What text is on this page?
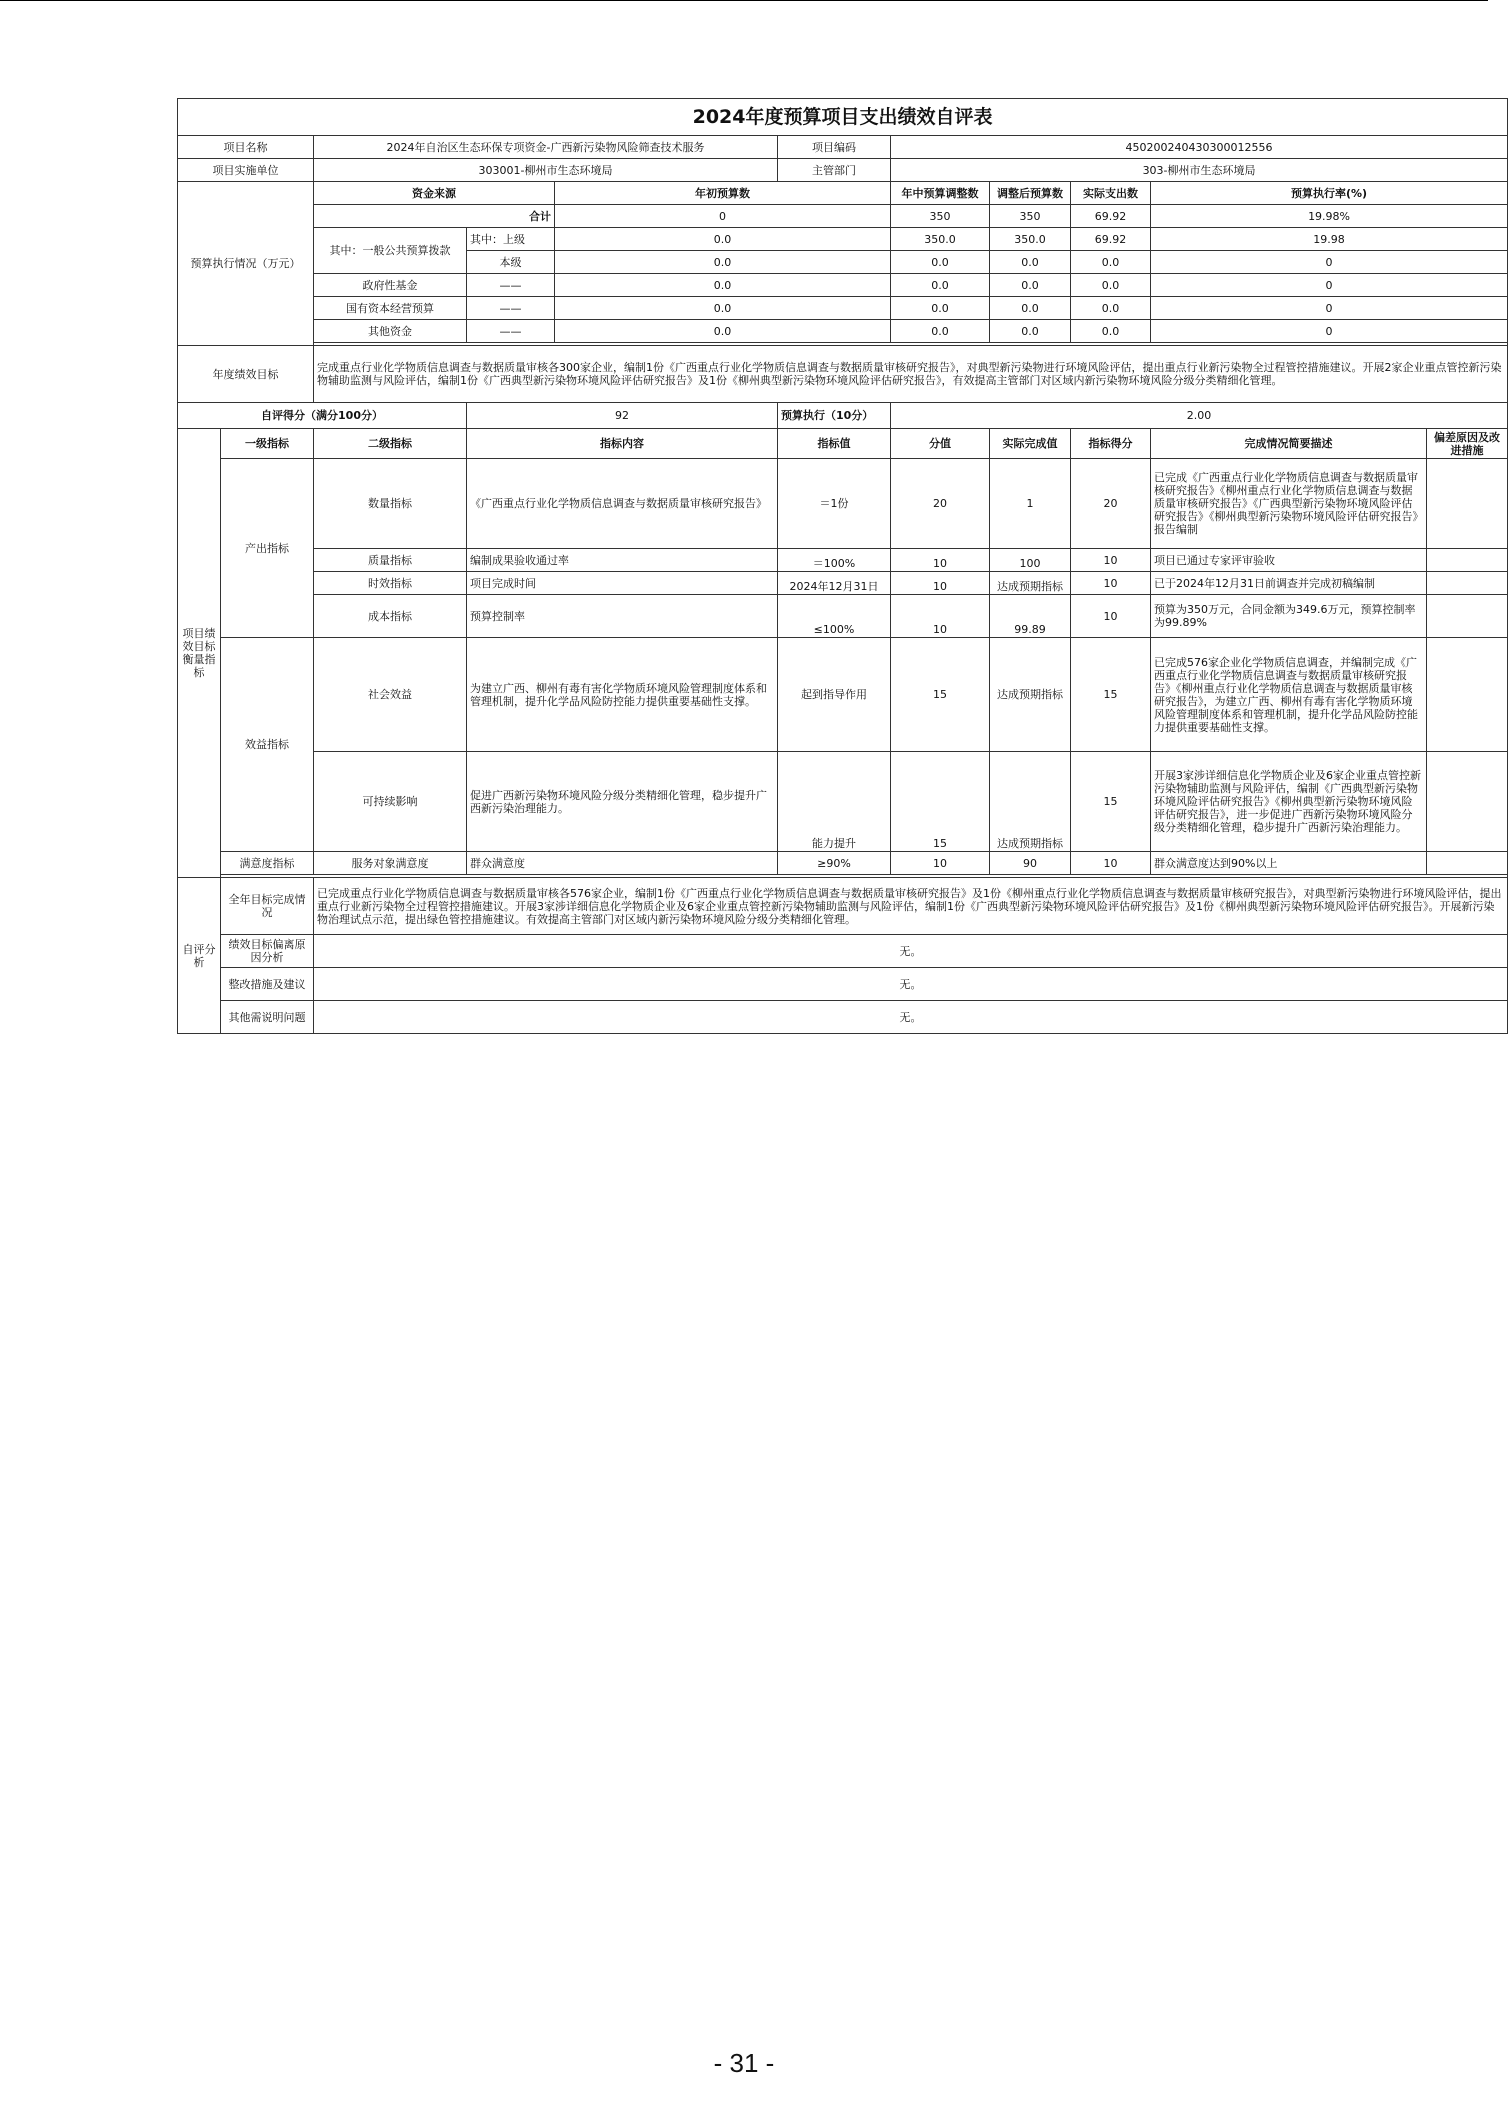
2024年度预算项目支出绩效自评表										
项目名称		2024年自治区生态环保专项资金-广西新污染物风险筛查技术服务			项目编码	450200240430300012556				
项目实施单位		303001-柳州市生态环境局			主管部门	303-柳州市生态环境局				
预算执行情况（万元）		资金来源		年初预算数		年中预算调整数	调整后预算数	实际支出数	预算执行率(%)	
		合计		0		350	350	69.92	19.98%	
		其中：一般公共预算拨款	其中：上级	0.0		350.0	350.0	69.92	19.98	
			本级	0.0		0.0	0.0	0.0	0	
		政府性基金	——	0.0		0.0	0.0	0.0	0	
		国有资本经营预算	——	0.0		0.0	0.0	0.0	0	
		其他资金	——	0.0		0.0	0.0	0.0	0	

年度绩效目标		完成重点行业化学物质信息调查与数据质量审核各300家企业，编制1份《广西重点行业化学物质信息调查与数据质量审核研究报告》，对典型新污染物进行环境风险评估，提出重点行业新污染物全过程管控措施建议。开展2家企业重点管控新污染物辅助监测与风险评估，编制1份《广西典型新污染物环境风险评估研究报告》及1份《柳州典型新污染物环境风险评估研究报告》，有效提高主管部门对区域内新污染物环境风险分级分类精细化管理。								
自评得分（满分100分）			92		预算执行（10分）	2.00				
项目绩效目标衡量指标	一级指标	二级指标	指标内容		指标值	分值	实际完成值	指标得分	完成情况简要描述	偏差原因及改进措施
	产出指标	数量指标	《广西重点行业化学物质信息调查与数据质量审核研究报告》		＝1份	20	1	20	已完成《广西重点行业化学物质信息调查与数据质量审核研究报告》《柳州重点行业化学物质信息调查与数据质量审核研究报告》《广西典型新污染物环境风险评估研究报告》《柳州典型新污染物环境风险评估研究报告》报告编制	
		质量指标	编制成果验收通过率		＝100%	10	100	10	项目已通过专家评审验收	
		时效指标	项目完成时间		2024年12月31日	10	达成预期指标	10	已于2024年12月31日前调查并完成初稿编制	
		成本指标	预算控制率		≤100%	10	99.89	10	预算为350万元，合同金额为349.6万元，预算控制率为99.89%	
	效益指标	社会效益	为建立广西、柳州有毒有害化学物质环境风险管理制度体系和管理机制，提升化学品风险防控能力提供重要基础性支撑。		起到指导作用	15	达成预期指标	15	已完成576家企业化学物质信息调查，并编制完成《广西重点行业化学物质信息调查与数据质量审核研究报告》《柳州重点行业化学物质信息调查与数据质量审核研究报告》，为建立广西、柳州有毒有害化学物质环境风险管理制度体系和管理机制，提升化学品风险防控能力提供重要基础性支撑。	
		可持续影响	促进广西新污染物环境风险分级分类精细化管理，稳步提升广西新污染治理能力。		能力提升	15	达成预期指标	15	开展3家涉详细信息化学物质企业及6家企业重点管控新污染物辅助监测与风险评估，编制《广西典型新污染物环境风险评估研究报告》《柳州典型新污染物环境风险评估研究报告》，进一步促进广西新污染物环境风险分级分类精细化管理，稳步提升广西新污染治理能力。	
	满意度指标	服务对象满意度	群众满意度		≥90%	10	90	10	群众满意度达到90%以上	

自评分析	全年目标完成情况	已完成重点行业化学物质信息调查与数据质量审核各576家企业，编制1份《广西重点行业化学物质信息调查与数据质量审核研究报告》及1份《柳州重点行业化学物质信息调查与数据质量审核研究报告》，对典型新污染物进行环境风险评估，提出重点行业新污染物全过程管控措施建议。开展3家涉详细信息化学物质企业及6家企业重点管控新污染物辅助监测与风险评估，编制1份《广西典型新污染物环境风险评估研究报告》及1份《柳州典型新污染物环境风险评估研究报告》。开展新污染物治理试点示范，提出绿色管控措施建议。有效提高主管部门对区域内新污染物环境风险分级分类精细化管理。								
	绩效目标偏离原因分析	无。								
	整改措施及建议	无。								
	其他需说明问题	无。								
- 31 -
